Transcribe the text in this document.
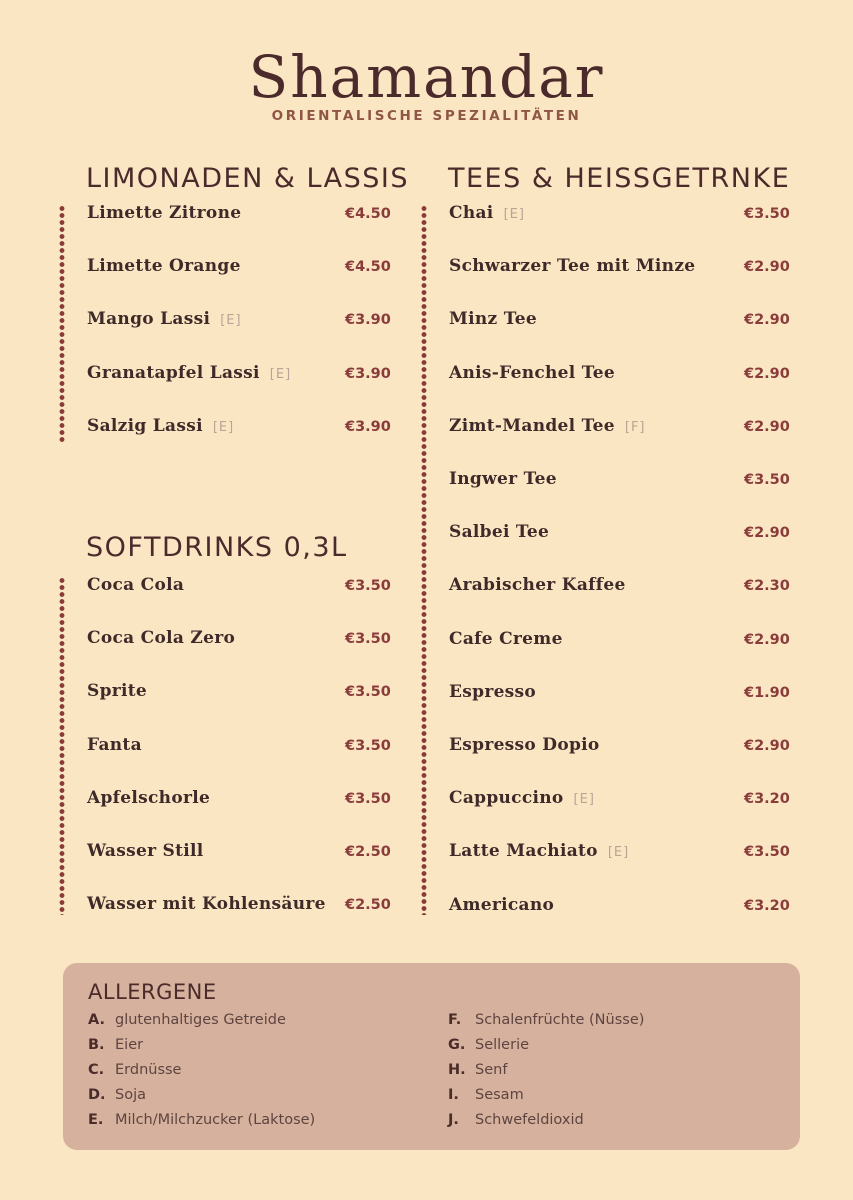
Shamandar
ORIENTALISCHE SPEZIALITÄTEN
LIMONADEN & LASSIS
Limette Zitrone	€4.50
Limette Orange	€4.50
Mango Lassi [E]	€3.90
Granatapfel Lassi [E]	€3.90
Salzig Lassi [E]	€3.90
SOFTDRINKS 0,3L
Coca Cola	€3.50
Coca Cola Zero	€3.50
Sprite	€3.50
Fanta	€3.50
Apfelschorle	€3.50
Wasser Still	€2.50
Wasser mit Kohlensäure €2.50
TEES & HEISSGETRNKE
Chai [E]	€3.50
Schwarzer Tee mit Minze	€2.90
Minz Tee	€2.90
Anis-Fenchel Tee	€2.90
Zimt-Mandel Tee [F]	€2.90
Ingwer Tee	€3.50
Salbei Tee	€2.90
Arabischer Kaffee	€2.30
Cafe Creme	€2.90
Espresso	€1.90
Espresso Dopio	€2.90
Cappuccino [E]	€3.20
Latte Machiato [E]	€3.50
Americano	€3.20
ALLERGENE
A. glutenhaltiges Getreide
B. Eier
C. Erdnüsse
D. Soja
E. Milch/Milchzucker (Laktose)
F. Schalenfrüchte (Nüsse)
G. Sellerie
H. Senf
I. Sesam
J. Schwefeldioxid
